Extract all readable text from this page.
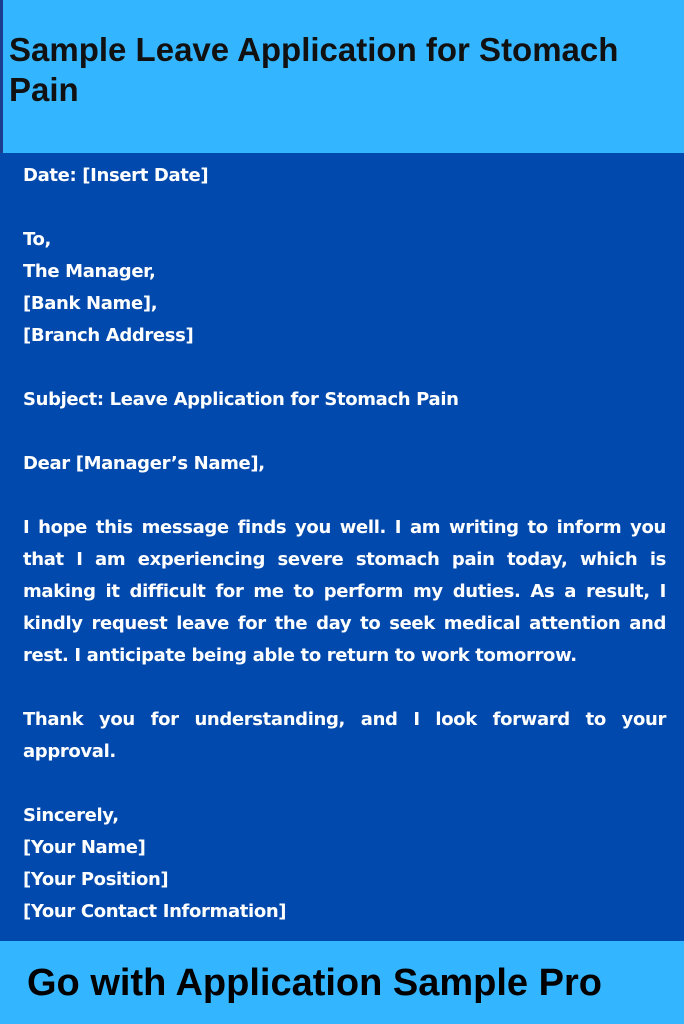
Sample Leave Application for Stomach Pain

Date: [Insert Date]

To,

The Manager,

[Bank Name],

[Branch Address]

Subject: Leave Application for Stomach Pain

Dear [Manager’s Name],

I hope this message finds you well. I am writing to inform you that I am experiencing severe stomach pain today, which is making it difficult for me to perform my duties. As a result, I kindly request leave for the day to seek medical attention and rest. I anticipate being able to return to work tomorrow.

Thank you for understanding, and I look forward to your approval.

Sincerely,

[Your Name]

[Your Position]

[Your Contact Information]

Go with Application Sample Pro
